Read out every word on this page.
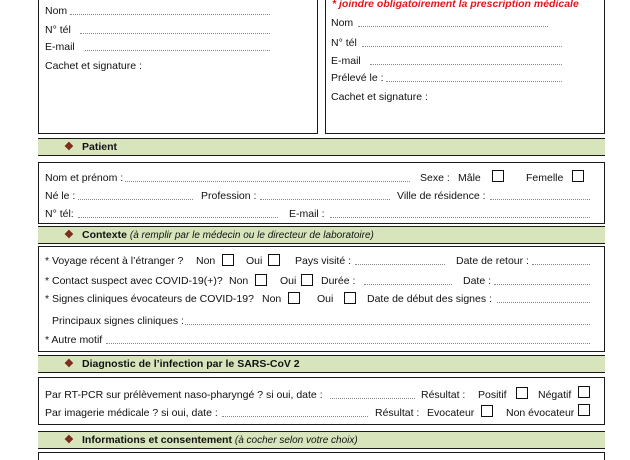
Nom
N° tél
E-mail
Cachet et signature :
* joindre obligatoirement la prescription médicale
Nom
N° tél
E-mail
Prélevé le :
Cachet et signature :
❖ Patient
Nom et prénom :	Sexe : Mâle	Femelle
Né le :	Profession :	Ville de résidence :
N° tél:	E-mail :
❖ Contexte (à remplir par le médecin ou le directeur de laboratoire)
* Voyage récent à l’étranger ? Non	Oui	Pays visité :	Date de retour :
* Contact suspect avec COVID-19(+)? Non	Oui Durée :	Date :
* Signes cliniques évocateurs de COVID-19? Non	Oui	Date de début des signes :
Principaux signes cliniques :
* Autre motif
❖ Diagnostic de l’infection par le SARS-CoV 2
Par RT-PCR sur prélèvement naso-pharyngé ? si oui, date :	Résultat : Positif	Négatif
Par imagerie médicale ? si oui, date :	Résultat : Evocateur	Non évocateur
❖ Informations et consentement (à cocher selon votre choix)
